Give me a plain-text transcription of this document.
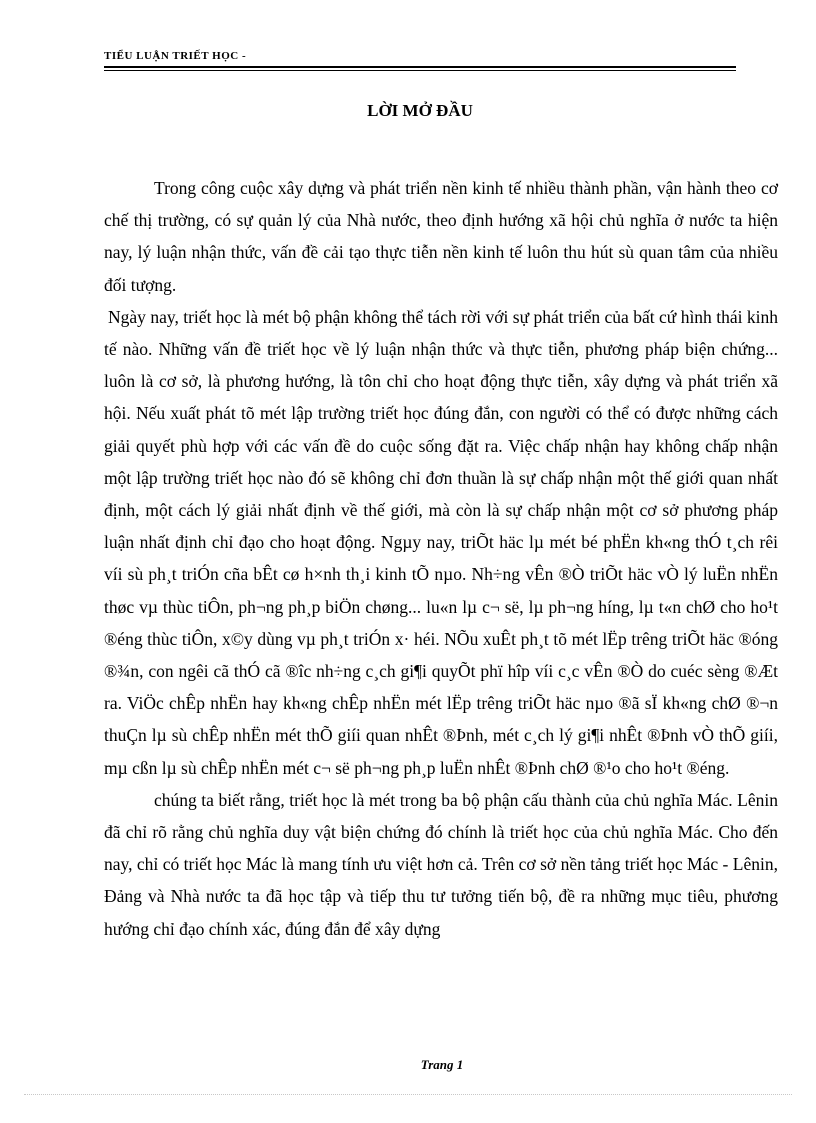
TIỂU LUẬN TRIẾT HỌC -
LỜI MỞ ĐẦU

Trong công cuộc xây dựng và phát triển nền kinh tế nhiều thành phần, vận hành theo cơ chế thị trường, có sự quản lý của Nhà nước, theo định hướng xã hội chủ nghĩa ở nước ta hiện nay, lý luận nhận thức, vấn đề cải tạo thực tiễn nền kinh tế luôn thu hút sù quan tâm của nhiều đối tượng.

Ngày nay, triết học là mét bộ phận không thể tách rời với sự phát triển của bất cứ hình thái kinh tế nào. Những vấn đề triết học về lý luận nhận thức và thực tiễn, phương pháp biện chứng... luôn là cơ sở, là phương hướng, là tôn chỉ cho hoạt động thực tiễn, xây dựng và phát triển xã hội. Nếu xuất phát tõ mét lập trường triết học đúng đắn, con người có thể có được những cách giải quyết phù hợp với các vấn đề do cuộc sống đặt ra. Việc chấp nhận hay không chấp nhận một lập trường triết học nào đó sẽ không chỉ đơn thuần là sự chấp nhận một thế giới quan nhất định, một cách lý giải nhất định về thế giới, mà còn là sự chấp nhận một cơ sở phương pháp luận nhất định chỉ đạo cho hoạt động. Ngµy nay, triÕt häc lµ mét bé phËn kh«ng thÓ t¸ch rêi víi sù ph¸t triÓn cña bÊt cø h×nh th¸i kinh tÕ nµo. Nh÷ng vÊn ®Ò triÕt häc vÒ lý luËn nhËn thøc vµ thùc tiÔn, ph¬ng ph¸p biÖn chøng... lu«n lµ c¬ së, lµ ph¬ng híng, lµ t«n chØ cho ho¹t ®éng thùc tiÔn, x©y dùng vµ ph¸t triÓn x· héi. NÕu xuÊt ph¸t tõ mét lËp trêng triÕt häc ®óng ®¾n, con ngêi cã thÓ cã ®îc nh÷ng c¸ch gi¶i quyÕt phï hîp víi c¸c vÊn ®Ò do cuéc sèng ®Æt ra. ViÖc chÊp nhËn hay kh«ng chÊp nhËn mét lËp trêng triÕt häc nµo ®ã sÏ kh«ng chØ ®¬n thuÇn lµ sù chÊp nhËn mét thÕ giíi quan nhÊt ®Þnh, mét c¸ch lý gi¶i nhÊt ®Þnh vÒ thÕ giíi, mµ cßn lµ sù chÊp nhËn mét c¬ së ph¬ng ph¸p luËn nhÊt ®Þnh chØ ®¹o cho ho¹t ®éng.

chúng ta biết rằng, triết học là mét trong ba bộ phận cấu thành của chủ nghĩa Mác. Lênin đã chỉ rõ rằng chủ nghĩa duy vật biện chứng đó chính là triết học của chủ nghĩa Mác. Cho đến nay, chỉ có triết học Mác là mang tính ưu việt hơn cả. Trên cơ sở nền tảng triết học Mác - Lênin, Đảng và Nhà nước ta đã học tập và tiếp thu tư tưởng tiến bộ, đề ra những mục tiêu, phương hướng chỉ đạo chính xác, đúng đắn để xây dựng

Trang 1
